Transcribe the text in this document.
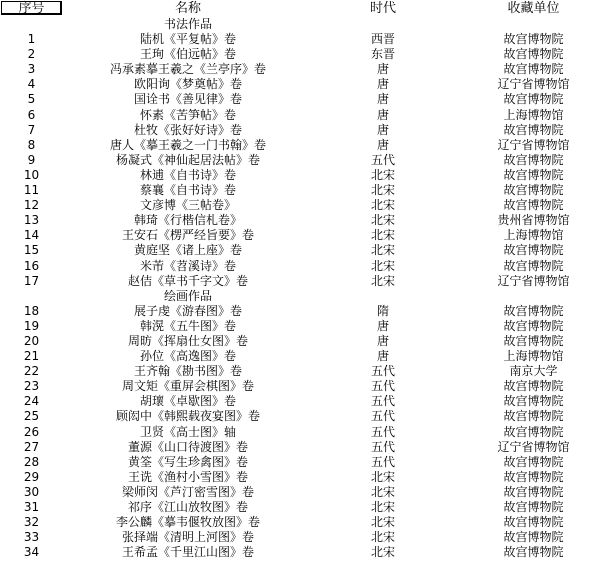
序号	名称	时代	收藏单位
书法作品
1	陆机《平复帖》卷	西晋	故宫博物院
2	王珣《伯远帖》卷	东晋	故宫博物院
3	冯承素摹王羲之《兰亭序》卷	唐	故宫博物院
4	欧阳询《梦奠帖》卷	唐	辽宁省博物馆
5	国诠书《善见律》卷	唐	故宫博物院
6	怀素《苦笋帖》卷	唐	上海博物馆
7	杜牧《张好好诗》卷	唐	故宫博物院
8	唐人《摹王羲之一门书翰》卷	唐	辽宁省博物馆
9	杨凝式《神仙起居法帖》卷	五代	故宫博物院
10	林逋《自书诗》卷	北宋	故宫博物院
11	蔡襄《自书诗》卷	北宋	故宫博物院
12	文彦博《三帖卷》	北宋	故宫博物院
13	韩琦《行楷信札卷》	北宋	贵州省博物馆
14	王安石《楞严经旨要》卷	北宋	上海博物馆
15	黄庭坚《诸上座》卷	北宋	故宫博物院
16	米芾《苕溪诗》卷	北宋	故宫博物院
17	赵佶《草书千字文》卷	北宋	辽宁省博物馆
绘画作品
18	展子虔《游春图》卷	隋	故宫博物院
19	韩滉《五牛图》卷	唐	故宫博物院
20	周昉《挥扇仕女图》卷	唐	故宫博物院
21	孙位《高逸图》卷	唐	上海博物馆
22	王齐翰《勘书图》卷	五代	南京大学
23	周文矩《重屏会棋图》卷	五代	故宫博物院
24	胡瓌《卓歇图》卷	五代	故宫博物院
25	顾闳中《韩熙载夜宴图》卷	五代	故宫博物院
26	卫贤《高士图》轴	五代	故宫博物院
27	董源《山口待渡图》卷	五代	辽宁省博物馆
28	黄筌《写生珍禽图》卷	五代	故宫博物院
29	王诜《渔村小雪图》卷	北宋	故宫博物院
30	梁师闵《芦汀密雪图》卷	北宋	故宫博物院
31	祁序《江山放牧图》卷	北宋	故宫博物院
32	李公麟《摹韦偃牧放图》卷	北宋	故宫博物院
33	张择端《清明上河图》卷	北宋	故宫博物院
34	王希孟《千里江山图》卷	北宋	故宫博物院
